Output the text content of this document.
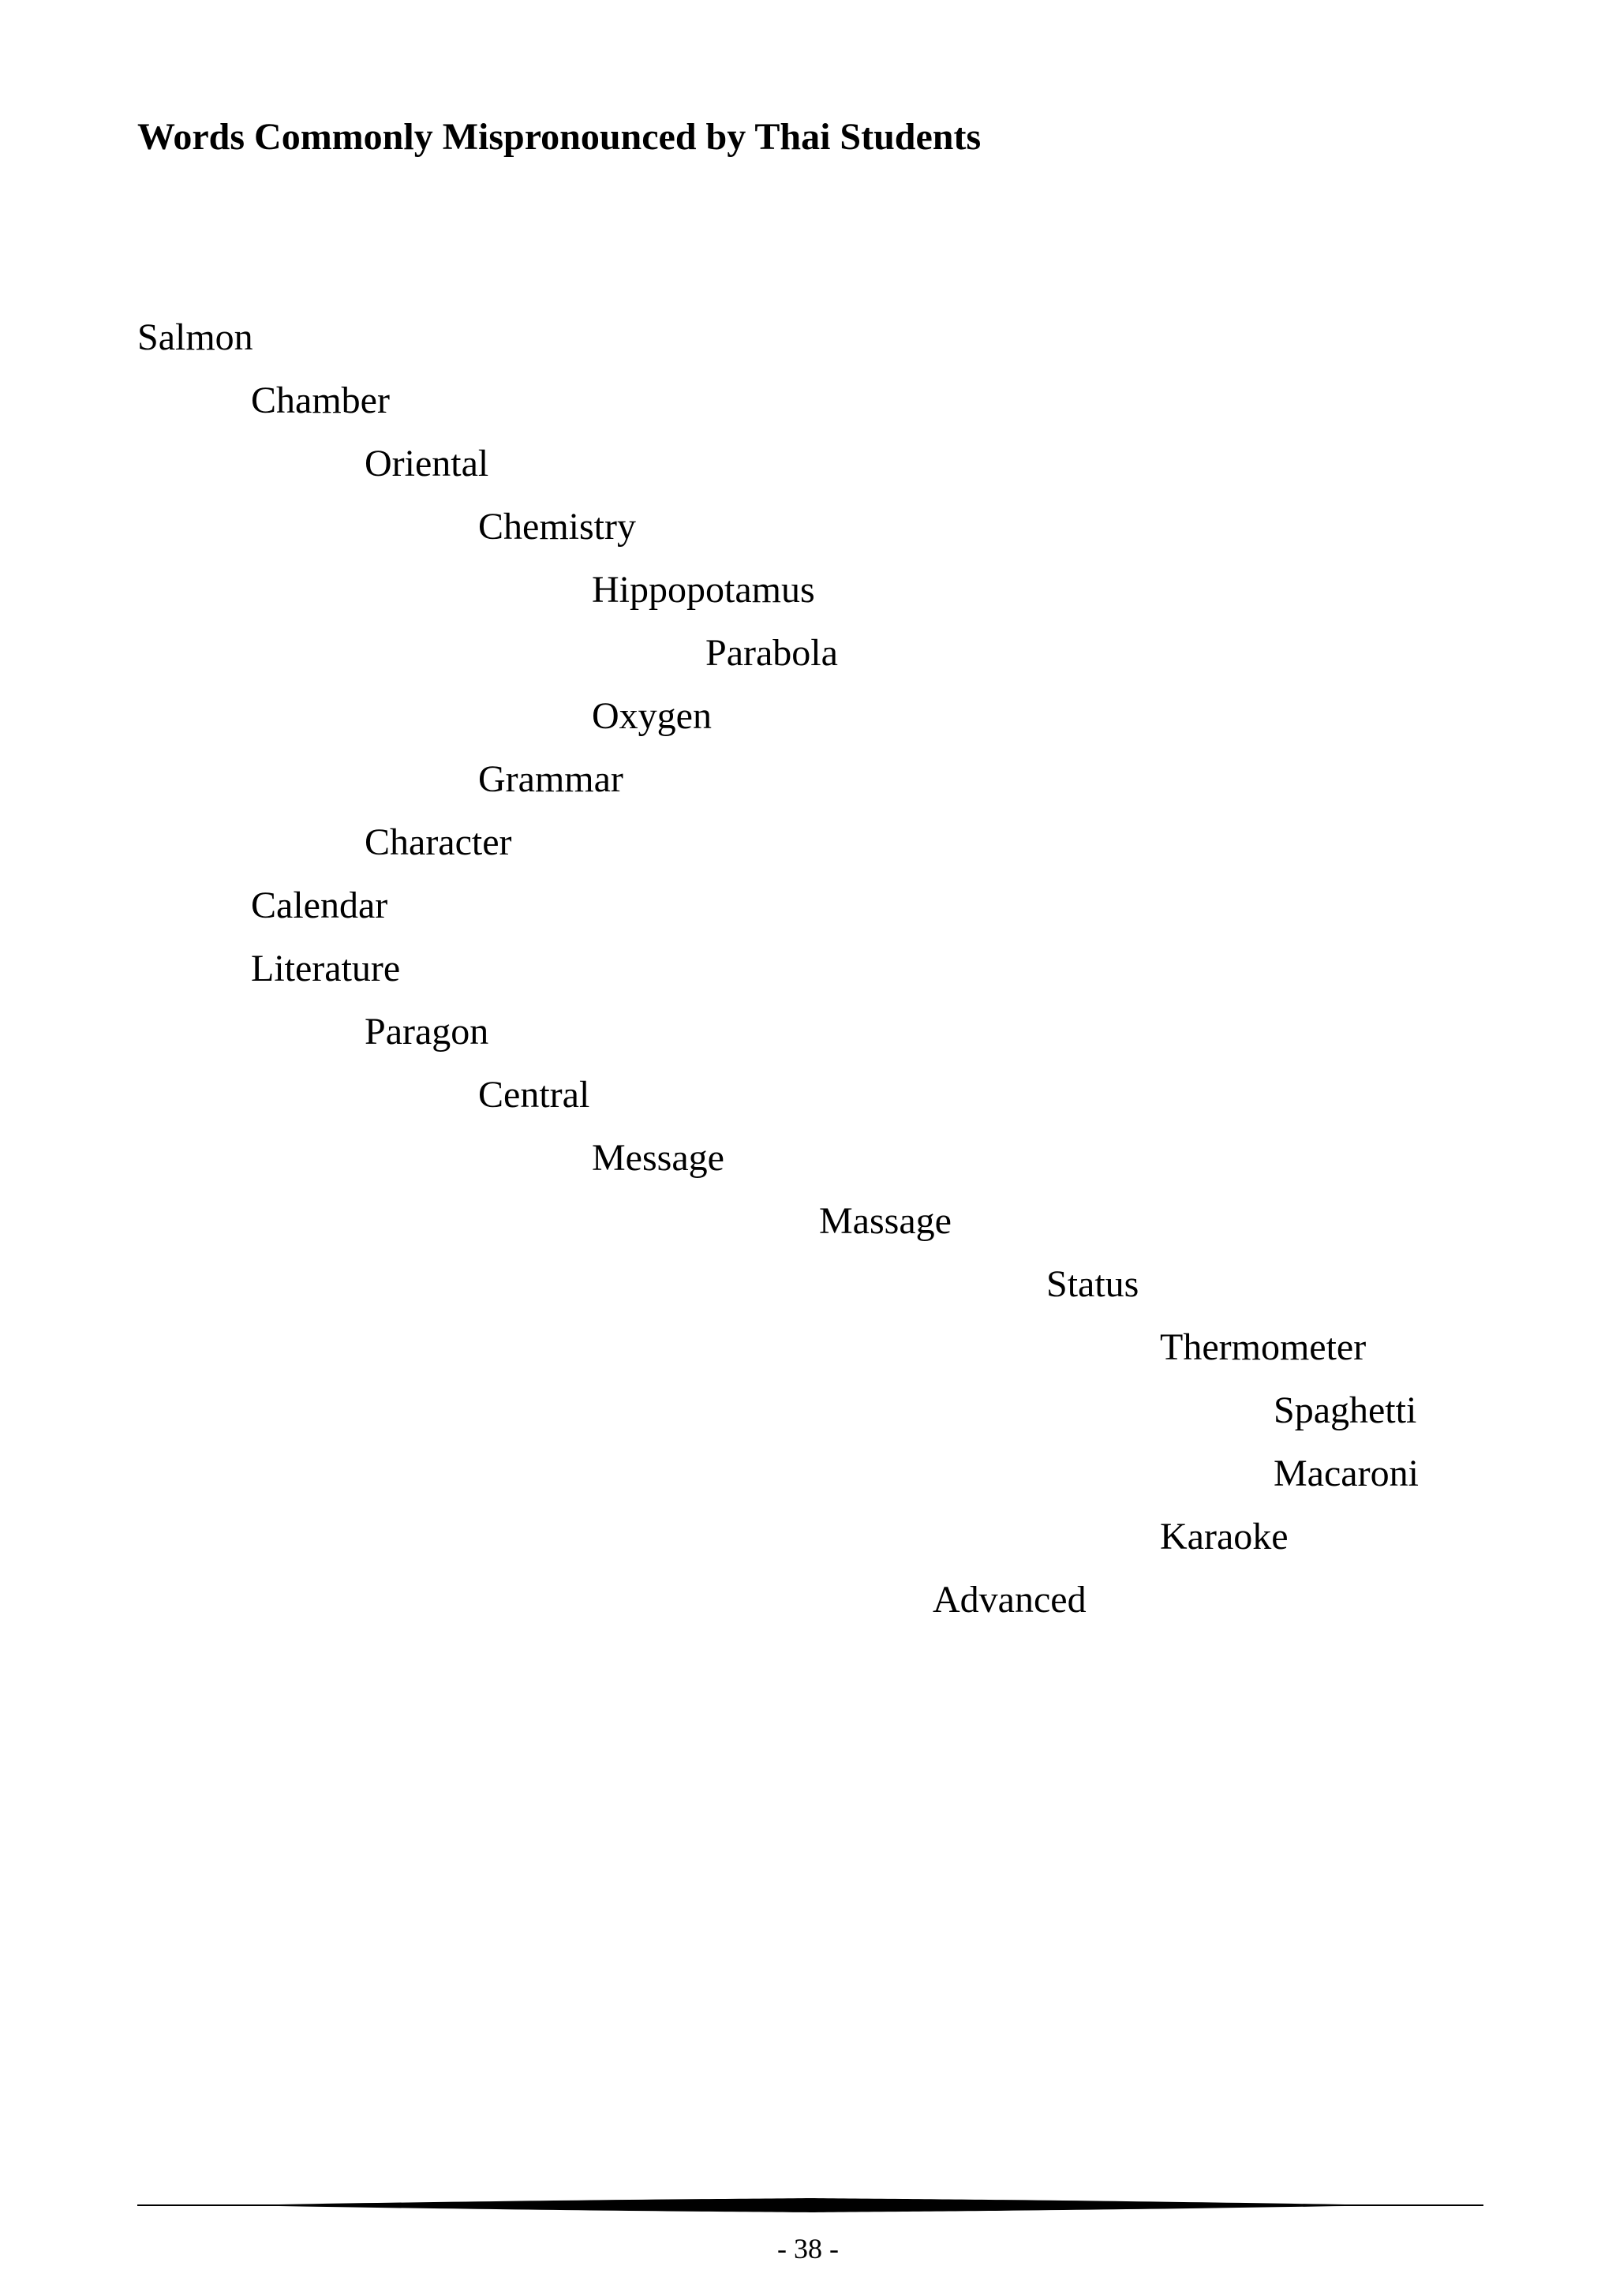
Words Commonly Mispronounced by Thai Students
Salmon
Chamber
Oriental
Chemistry
Hippopotamus
Parabola
Oxygen
Grammar
Character
Calendar
Literature
Paragon
Central
Message
Massage
Status
Thermometer
Spaghetti
Macaroni
Karaoke
Advanced
- 38 -
